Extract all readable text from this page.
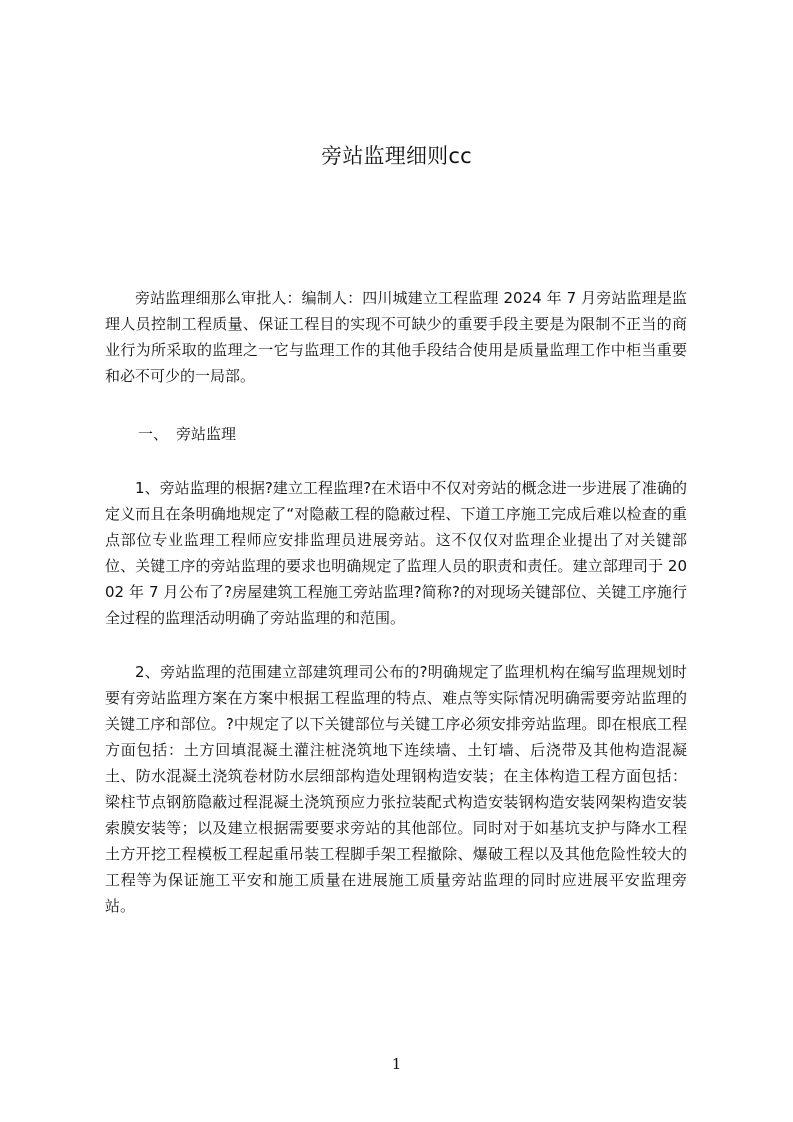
旁站监理细则cc

旁站监理细那么审批人：编制人：四川城建立工程监理 2024 年 7 月旁站监理是监理人员控制工程质量、保证工程目的实现不可缺少的重要手段主要是为限制不正当的商业行为所采取的监理之一它与监理工作的其他手段结合使用是质量监理工作中柜当重要和必不可少的一局部。

一、 旁站监理

1、旁站监理的根据?建立工程监理?在术语中不仅对旁站的概念进一步进展了准确的定义而且在条明确地规定了“对隐蔽工程的隐蔽过程、下道工序施工完成后难以检查的重点部位专业监理工程师应安排监理员进展旁站。这不仅仅对监理企业提出了对关键部位、关键工序的旁站监理的要求也明确规定了监理人员的职责和责任。建立部理司于 2002 年 7 月公布了?房屋建筑工程施工旁站监理?简称?的对现场关键部位、关键工序施行全过程的监理活动明确了旁站监理的和范围。

2、旁站监理的范围建立部建筑理司公布的?明确规定了监理机构在编写监理规划时要有旁站监理方案在方案中根据工程监理的特点、难点等实际情况明确需要旁站监理的关键工序和部位。?中规定了以下关键部位与关键工序必须安排旁站监理。即在根底工程方面包括：土方回填混凝土灌注桩浇筑地下连续墙、土钉墙、后浇带及其他构造混凝土、防水混凝土浇筑卷材防水层细部构造处理钢构造安装；在主体构造工程方面包括：梁柱节点钢筋隐蔽过程混凝土浇筑预应力张拉装配式构造安装钢构造安装网架构造安装索膜安装等；以及建立根据需要要求旁站的其他部位。同时对于如基坑支护与降水工程土方开挖工程模板工程起重吊装工程脚手架工程撤除、爆破工程以及其他危险性较大的工程等为保证施工平安和施工质量在进展施工质量旁站监理的同时应进展平安监理旁站。

1
